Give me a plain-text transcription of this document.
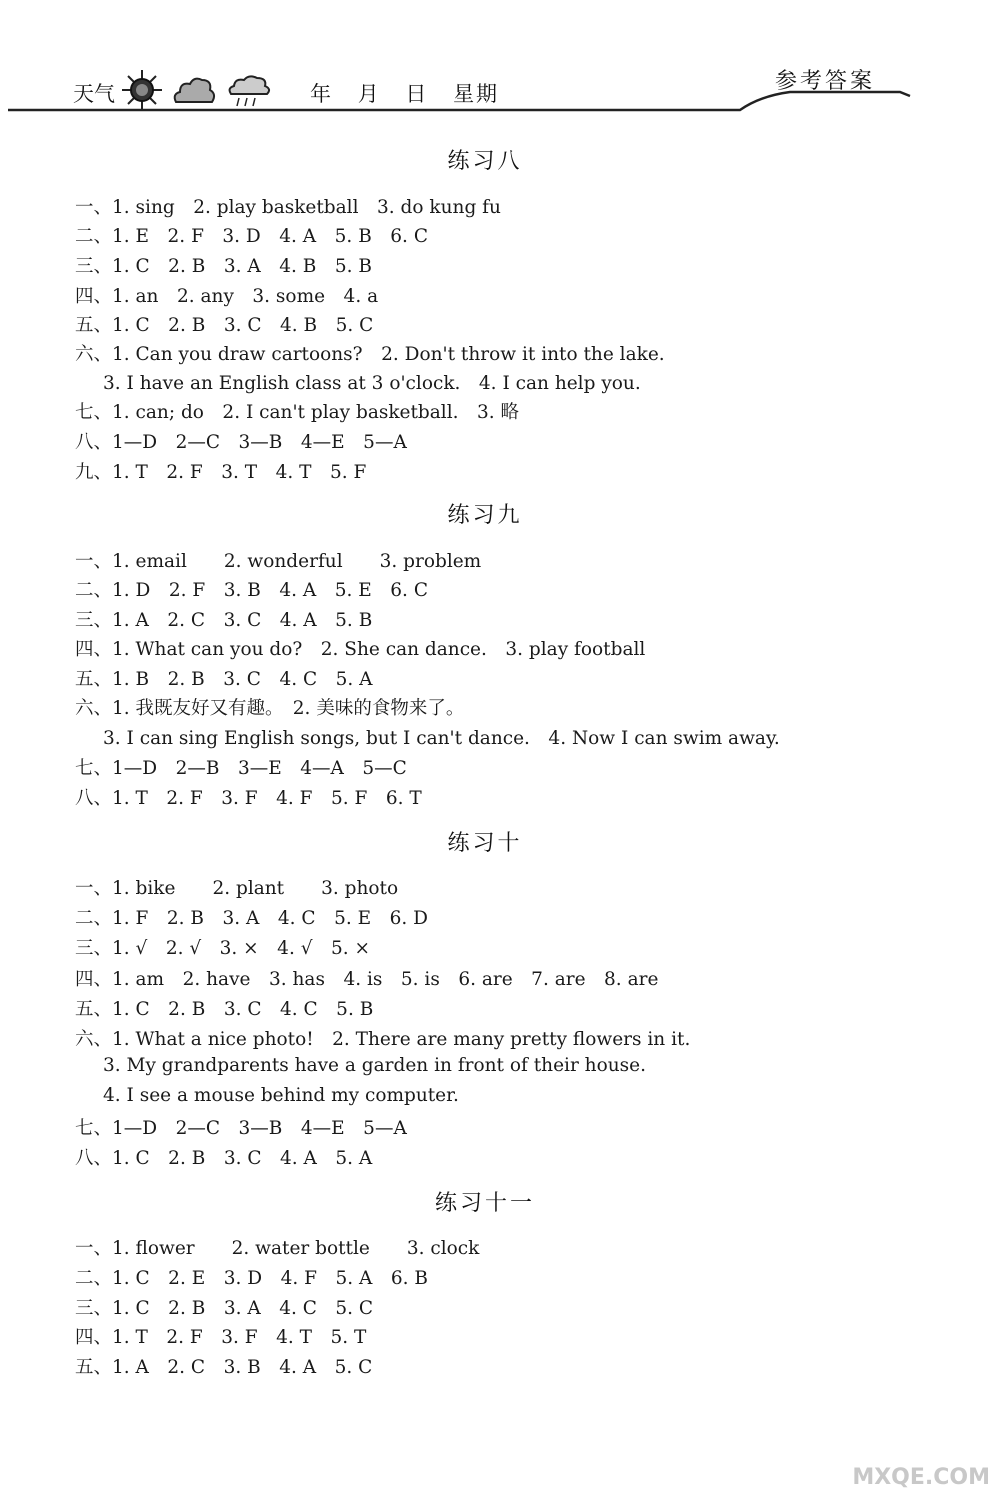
天气	年 月 日 星期	参考答案
练习八
一、1. sing　2. play basketball　3. do kung fu
二、1. E　2. F　3. D　4. A　5. B　6. C
三、1. C　2. B　3. A　4. B　5. B
四、1. an　2. any　3. some　4. a
五、1. C　2. B　3. C　4. B　5. C
六、1. Can you draw cartoons?　2. Don't throw it into the lake.
3. I have an English class at 3 o'clock.　4. I can help you.
七、1. can; do　2. I can't play basketball.　3. 略
八、1—D　2—C　3—B　4—E　5—A
九、1. T　2. F　3. T　4. T　5. F
练习九
一、1. email　　2. wonderful　　3. problem
二、1. D　2. F　3. B　4. A　5. E　6. C
三、1. A　2. C　3. C　4. A　5. B
四、1. What can you do?　2. She can dance.　3. play football
五、1. B　2. B　3. C　4. C　5. A
六、1. 我既友好又有趣。　2. 美味的食物来了。
3. I can sing English songs, but I can't dance.　4. Now I can swim away.
七、1—D　2—B　3—E　4—A　5—C
八、1. T　2. F　3. F　4. F　5. F　6. T
练习十
一、1. bike　　2. plant　　3. photo
二、1. F　2. B　3. A　4. C　5. E　6. D
三、1. √　2. √　3. ×　4. √　5. ×
四、1. am　2. have　3. has　4. is　5. is　6. are　7. are　8. are
五、1. C　2. B　3. C　4. C　5. B
六、1. What a nice photo!　2. There are many pretty flowers in it.
3. My grandparents have a garden in front of their house.
4. I see a mouse behind my computer.
七、1—D　2—C　3—B　4—E　5—A
八、1. C　2. B　3. C　4. A　5. A
练习十一
一、1. flower　　2. water bottle　　3. clock
二、1. C　2. E　3. D　4. F　5. A　6. B
三、1. C　2. B　3. A　4. C　5. C
四、1. T　2. F　3. F　4. T　5. T
五、1. A　2. C　3. B　4. A　5. C
MXQE.COM
